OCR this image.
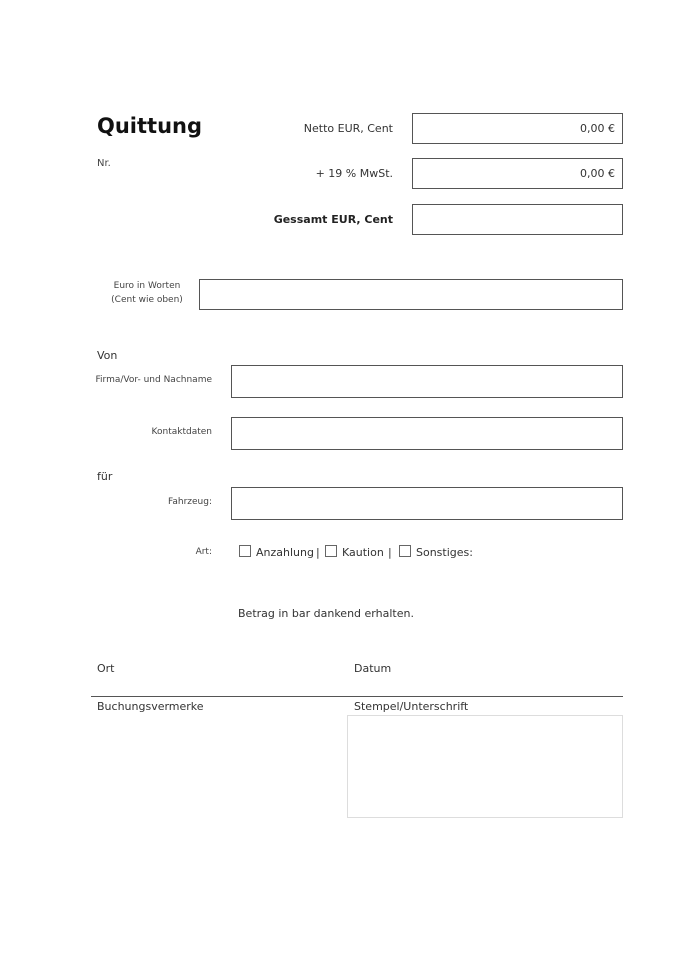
Quittung
Nr.
Netto EUR, Cent	0,00 €
+ 19 % MwSt.	0,00 €
Gessamt EUR, Cent
Euro in Worten
(Cent wie oben)
Von
Firma/Vor- und Nachname
Kontaktdaten
für
Fahrzeug:
Art:	Anzahlung | Kaution | Sonstiges:
Betrag in bar dankend erhalten.
Ort	Datum
Buchungsvermerke	Stempel/Unterschrift
